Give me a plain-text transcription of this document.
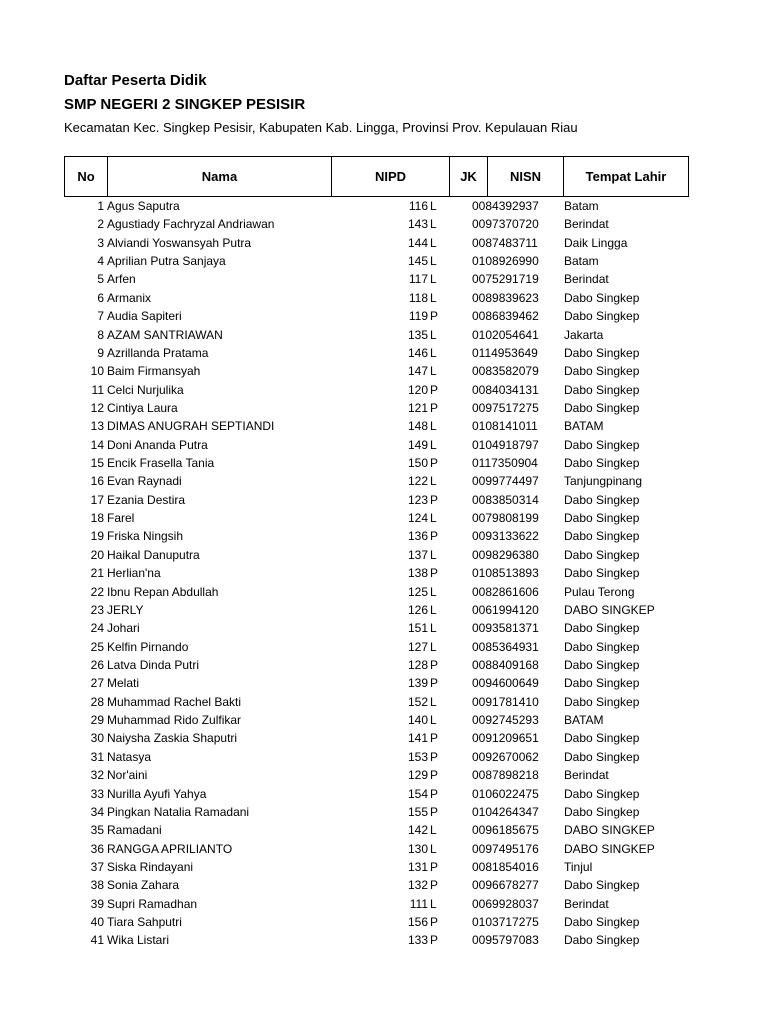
Daftar Peserta Didik
SMP NEGERI 2 SINGKEP PESISIR
Kecamatan Kec. Singkep Pesisir, Kabupaten Kab. Lingga, Provinsi Prov. Kepulauan Riau
No	Nama	NIPD	JK	NISN	Tempat Lahir
1 Agus Saputra	116 L	0084392937	Batam
2 Agustiady Fachryzal Andriawan	143 L	0097370720	Berindat
3 Alviandi Yoswansyah Putra	144 L	0087483711	Daik Lingga
4 Aprilian Putra Sanjaya	145 L	0108926990	Batam
5 Arfen	117 L	0075291719	Berindat
6 Armanix	118 L	0089839623	Dabo Singkep
7 Audia Sapiteri	119 P	0086839462	Dabo Singkep
8 AZAM SANTRIAWAN	135 L	0102054641	Jakarta
9 Azrillanda Pratama	146 L	0114953649	Dabo Singkep
10 Baim Firmansyah	147 L	0083582079	Dabo Singkep
11 Celci Nurjulika	120 P	0084034131	Dabo Singkep
12 Cintiya Laura	121 P	0097517275	Dabo Singkep
13 DIMAS ANUGRAH SEPTIANDI	148 L	0108141011	BATAM
14 Doni Ananda Putra	149 L	0104918797	Dabo Singkep
15 Encik Frasella Tania	150 P	0117350904	Dabo Singkep
16 Evan Raynadi	122 L	0099774497	Tanjungpinang
17 Ezania Destira	123 P	0083850314	Dabo Singkep
18 Farel	124 L	0079808199	Dabo Singkep
19 Friska Ningsih	136 P	0093133622	Dabo Singkep
20 Haikal Danuputra	137 L	0098296380	Dabo Singkep
21 Herlian'na	138 P	0108513893	Dabo Singkep
22 Ibnu Repan Abdullah	125 L	0082861606	Pulau Terong
23 JERLY	126 L	0061994120	DABO SINGKEP
24 Johari	151 L	0093581371	Dabo Singkep
25 Kelfin Pirnando	127 L	0085364931	Dabo Singkep
26 Latva Dinda Putri	128 P	0088409168	Dabo Singkep
27 Melati	139 P	0094600649	Dabo Singkep
28 Muhammad Rachel Bakti	152 L	0091781410	Dabo Singkep
29 Muhammad Rido Zulfikar	140 L	0092745293	BATAM
30 Naiysha Zaskia Shaputri	141 P	0091209651	Dabo Singkep
31 Natasya	153 P	0092670062	Dabo Singkep
32 Nor'aini	129 P	0087898218	Berindat
33 Nurilla Ayufi Yahya	154 P	0106022475	Dabo Singkep
34 Pingkan Natalia Ramadani	155 P	0104264347	Dabo Singkep
35 Ramadani	142 L	0096185675	DABO SINGKEP
36 RANGGA APRILIANTO	130 L	0097495176	DABO SINGKEP
37 Siska Rindayani	131 P	0081854016	Tinjul
38 Sonia Zahara	132 P	0096678277	Dabo Singkep
39 Supri Ramadhan	111 L	0069928037	Berindat
40 Tiara Sahputri	156 P	0103717275	Dabo Singkep
41 Wika Listari	133 P	0095797083	Dabo Singkep
